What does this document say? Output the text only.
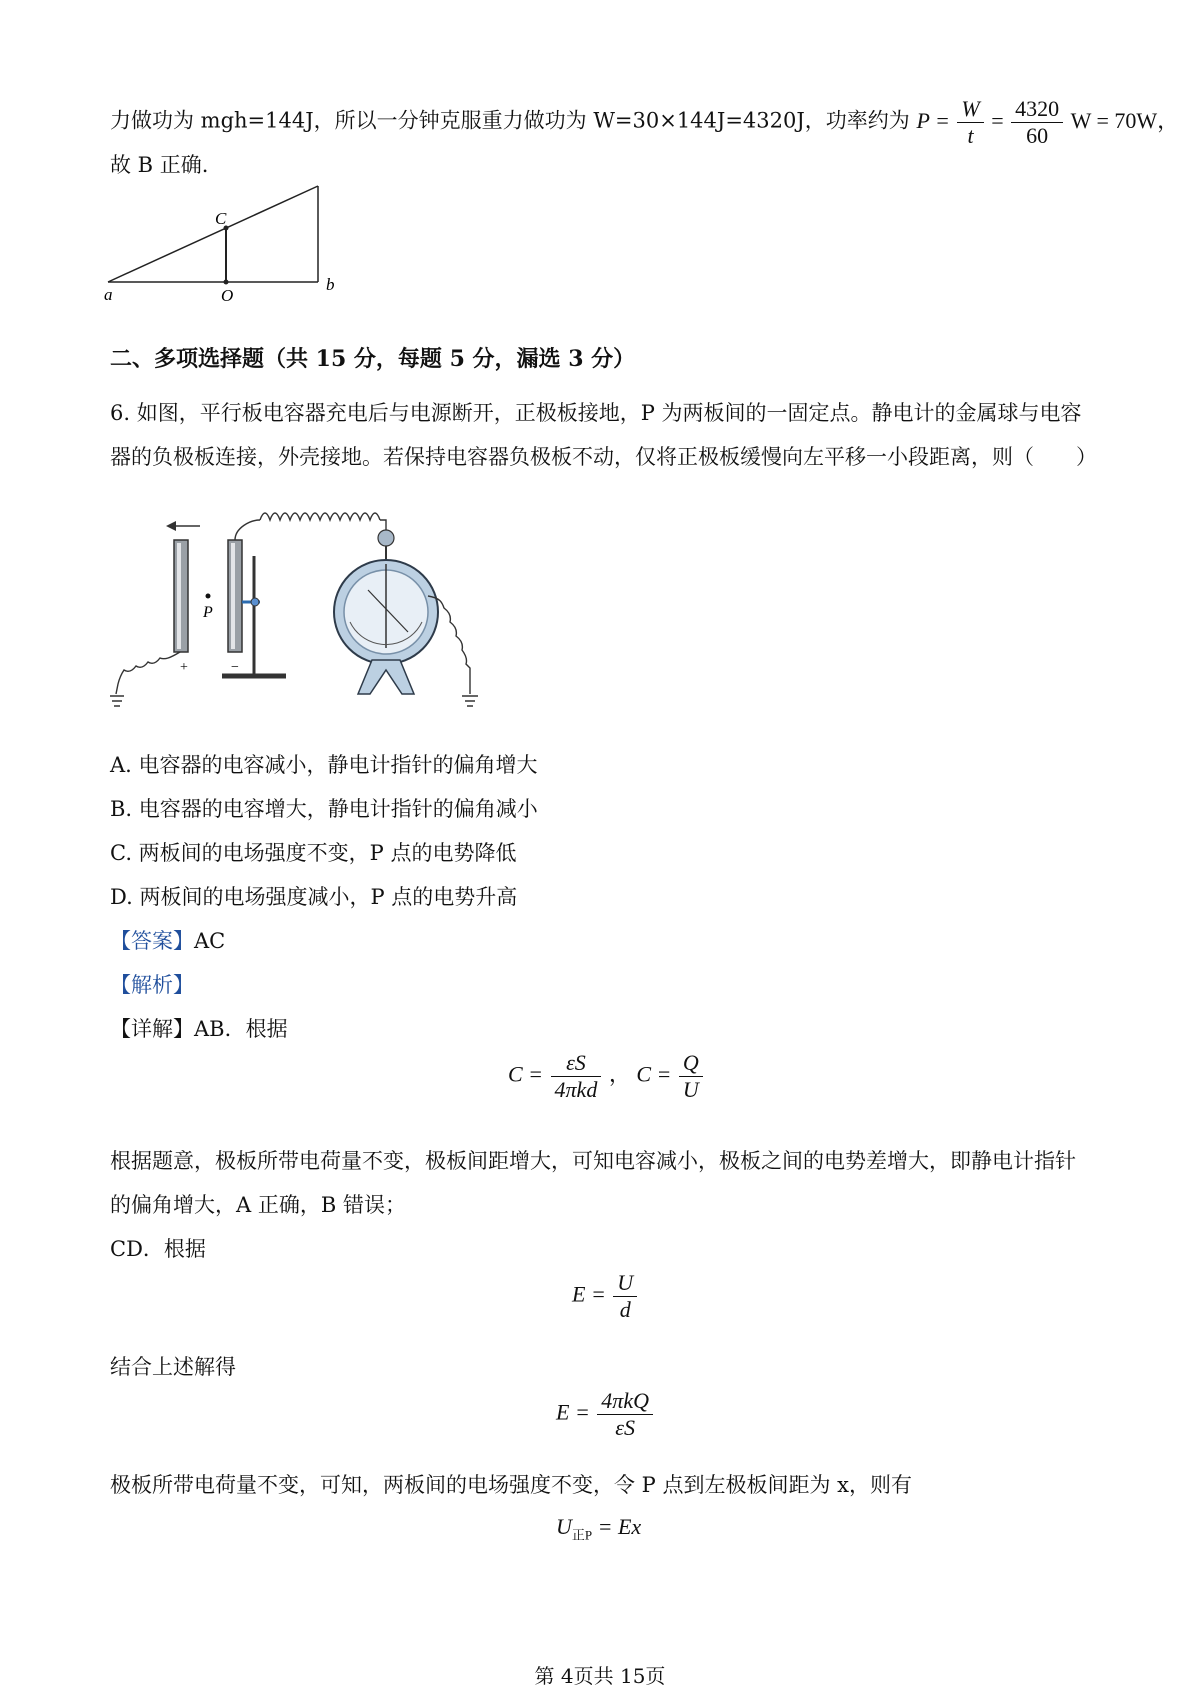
力做功为 mgh=144J，所以一分钟克服重力做功为 W=30×144J=4320J，功率约为 $P = \frac{W}{t} = \frac{4320}{60}$ W = 70W，
故 B 正确.
a	O
b
C
二、多项选择题（共 15 分，每题 5 分，漏选 3 分）
6. 如图，平行板电容器充电后与电源断开，正极板接地，P 为两板间的一固定点。静电计的金属球与电容
器的负极板连接，外壳接地。若保持电容器负极板不动，仅将正极板缓慢向左平移一小段距离，则（　　）
P
+	−
A. 电容器的电容减小，静电计指针的偏角增大
B. 电容器的电容增大，静电计指针的偏角减小
C. 两板间的电场强度不变，P 点的电势降低
D. 两板间的电场强度减小，P 点的电势升高
【答案】AC
【解析】
【详解】AB．根据
$C = \frac{\varepsilon S}{\text{4πkd}}$ ， $C = \frac{Q}{U}$
根据题意，极板所带电荷量不变，极板间距增大，可知电容减小，极板之间的电势差增大，即静电计指针
的偏角增大，A 正确，B 错误；
CD．根据
$E = \frac{U}{d}$
结合上述解得
$E = \frac{\text{4πkQ}}{\varepsilon S}$
极板所带电荷量不变，可知，两板间的电场强度不变，令 P 点到左极板间距为 x，则有
$U_{正P} = Ex$
第 4页共 15页
